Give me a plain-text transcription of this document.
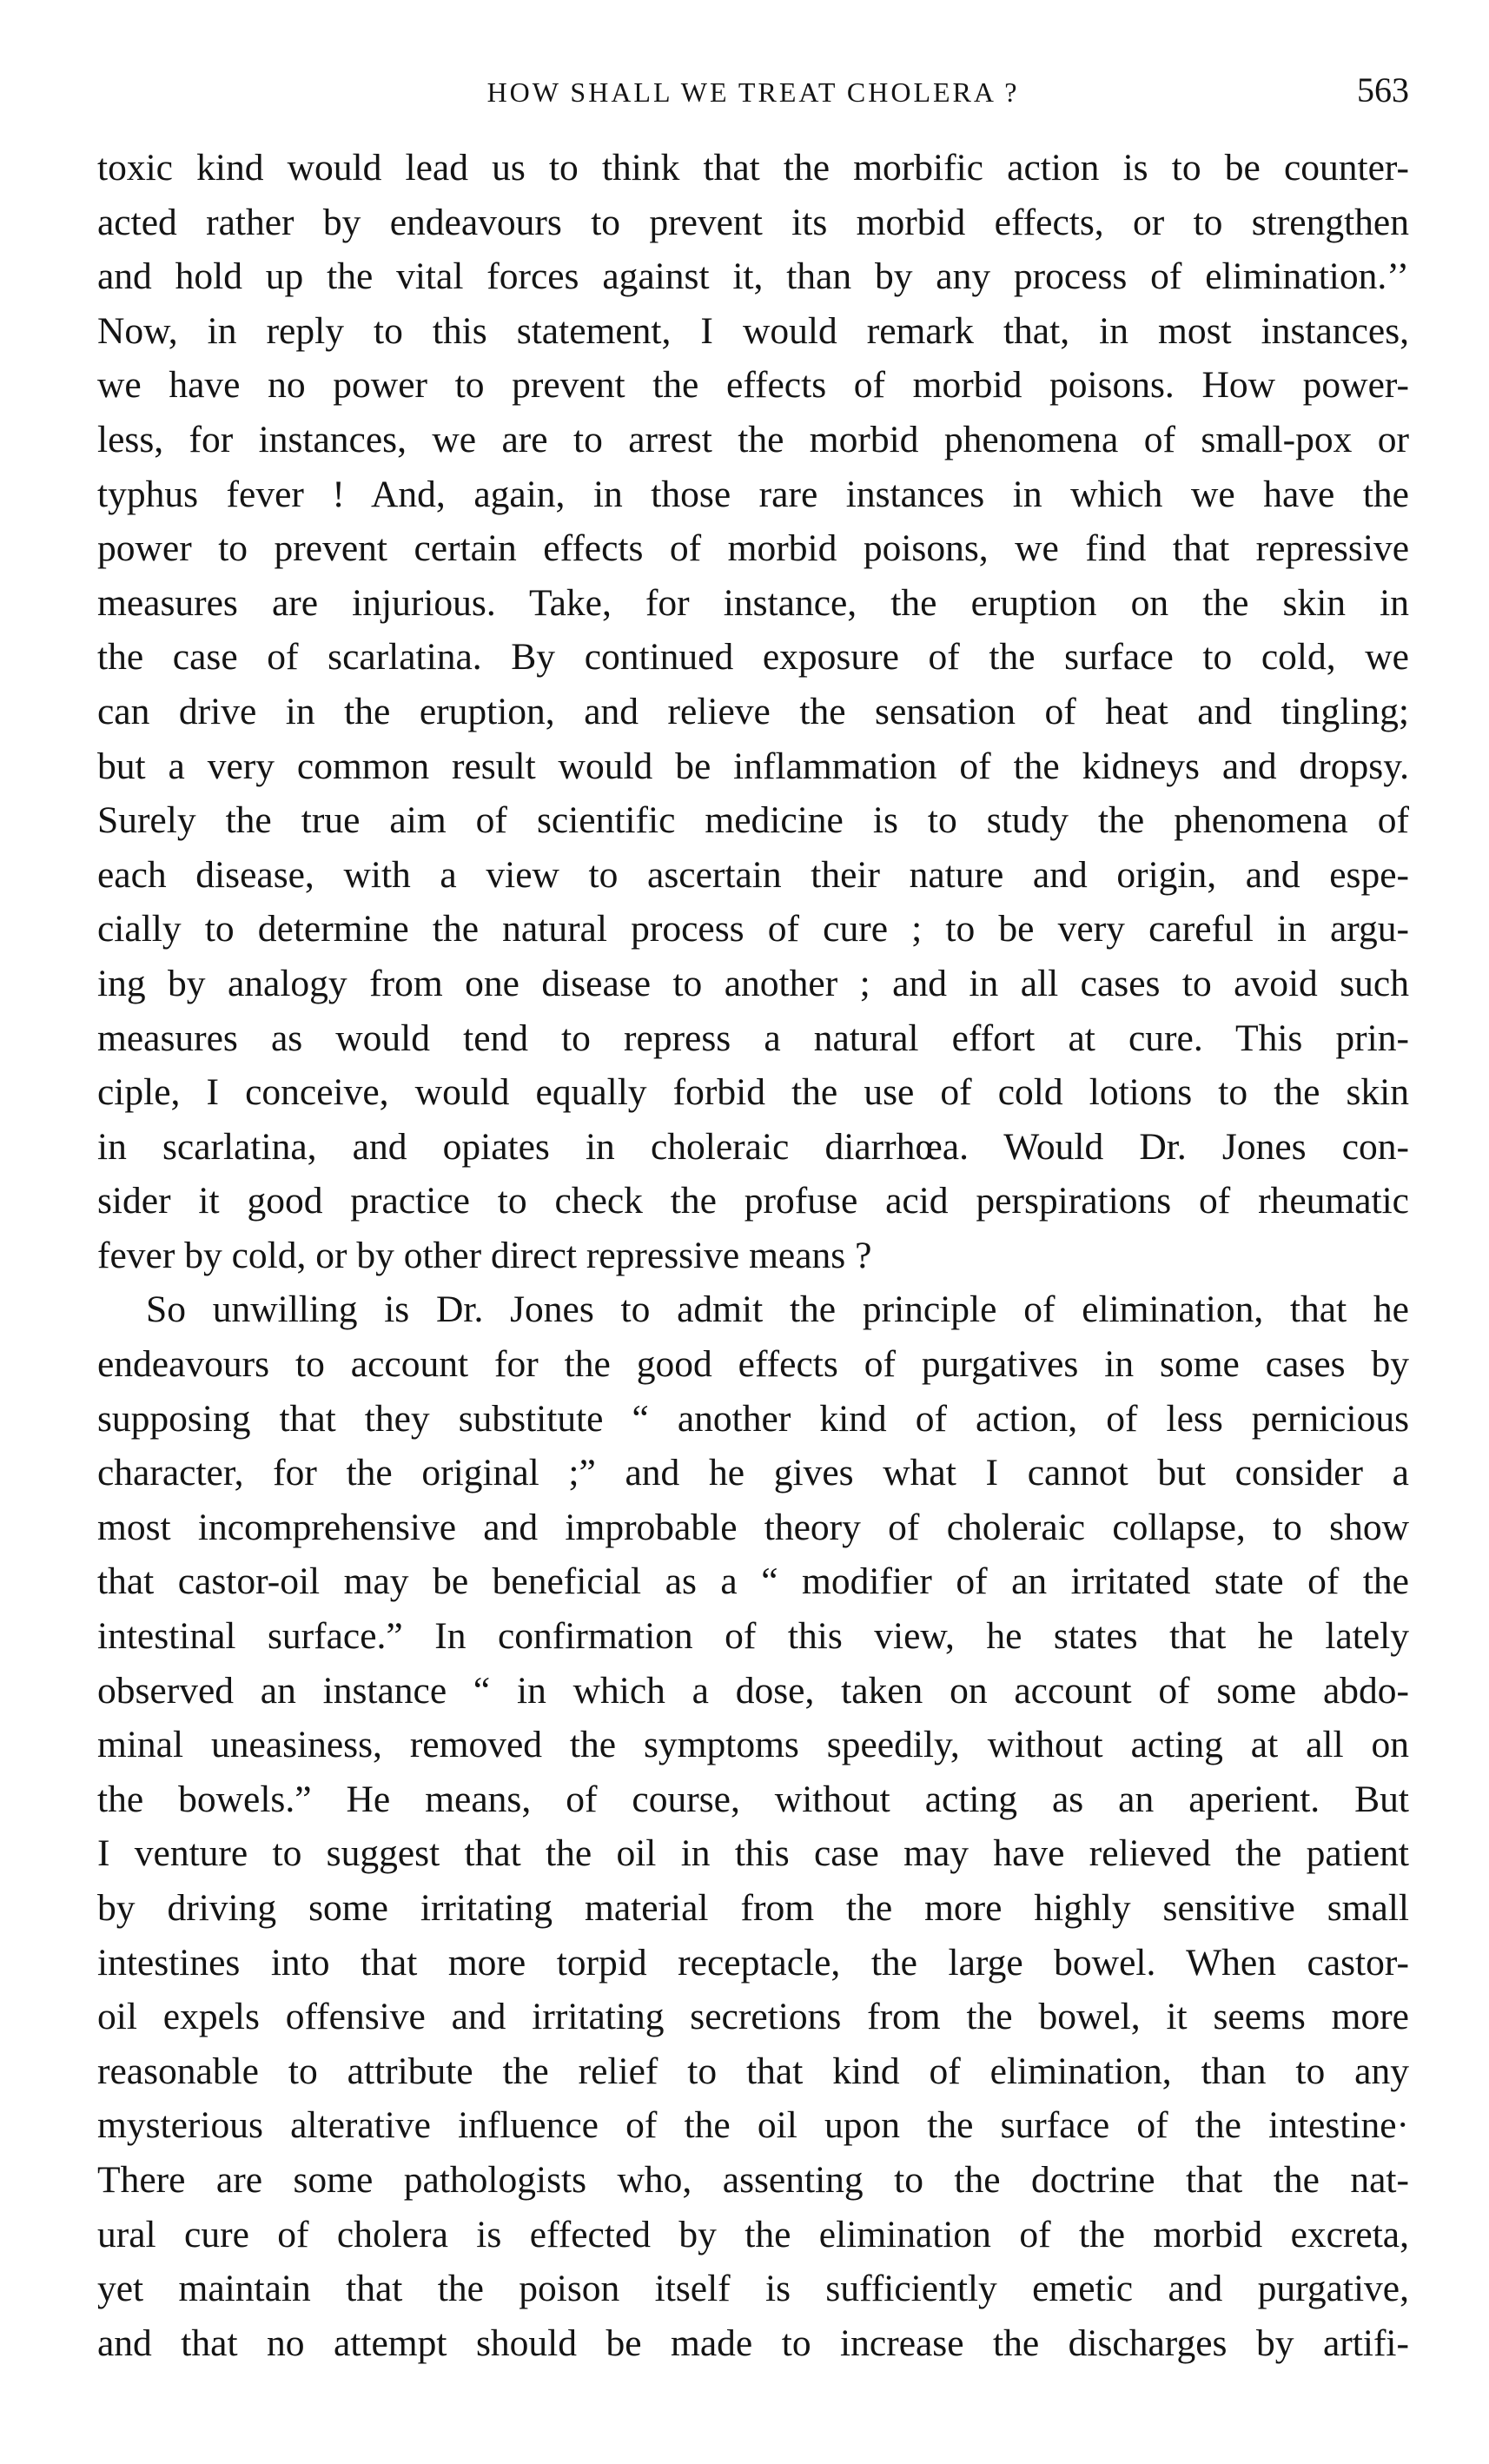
HOW SHALL WE TREAT CHOLERA ?	563
toxic kind would lead us to think that the morbific action is to be counter-
acted rather by endeavours to prevent its morbid effects, or to strengthen
and hold up the vital forces against it, than by any process of elimination.’’
Now, in reply to this statement, I would remark that, in most instances,
we have no power to prevent the effects of morbid poisons. How power-
less, for instances, we are to arrest the morbid phenomena of small-pox or
typhus fever ! And, again, in those rare instances in which we have the
power to prevent certain effects of morbid poisons, we find that repressive
measures are injurious. Take, for instance, the eruption on the skin in
the case of scarlatina. By continued exposure of the surface to cold, we
can drive in the eruption, and relieve the sensation of heat and tingling;
but a very common result would be inflammation of the kidneys and dropsy.
Surely the true aim of scientific medicine is to study the phenomena of
each disease, with a view to ascertain their nature and origin, and espe-
cially to determine the natural process of cure ; to be very careful in argu-
ing by analogy from one disease to another ; and in all cases to avoid such
measures as would tend to repress a natural effort at cure. This prin-
ciple, I conceive, would equally forbid the use of cold lotions to the skin
in scarlatina, and opiates in choleraic diarrhœa. Would Dr. Jones con-
sider it good practice to check the profuse acid perspirations of rheumatic
fever by cold, or by other direct repressive means ?
So unwilling is Dr. Jones to admit the principle of elimination, that he
endeavours to account for the good effects of purgatives in some cases by
supposing that they substitute “ another kind of action, of less pernicious
character, for the original ;” and he gives what I cannot but consider a
most incomprehensive and improbable theory of choleraic collapse, to show
that castor-oil may be beneficial as a “ modifier of an irritated state of the
intestinal surface.” In confirmation of this view, he states that he lately
observed an instance “ in which a dose, taken on account of some abdo-
minal uneasiness, removed the symptoms speedily, without acting at all on
the bowels.” He means, of course, without acting as an aperient. But
I venture to suggest that the oil in this case may have relieved the patient
by driving some irritating material from the more highly sensitive small
intestines into that more torpid receptacle, the large bowel. When castor-
oil expels offensive and irritating secretions from the bowel, it seems more
reasonable to attribute the relief to that kind of elimination, than to any
mysterious alterative influence of the oil upon the surface of the intestine·
There are some pathologists who, assenting to the doctrine that the nat-
ural cure of cholera is effected by the elimination of the morbid excreta,
yet maintain that the poison itself is sufficiently emetic and purgative,
and that no attempt should be made to increase the discharges by artifi-
